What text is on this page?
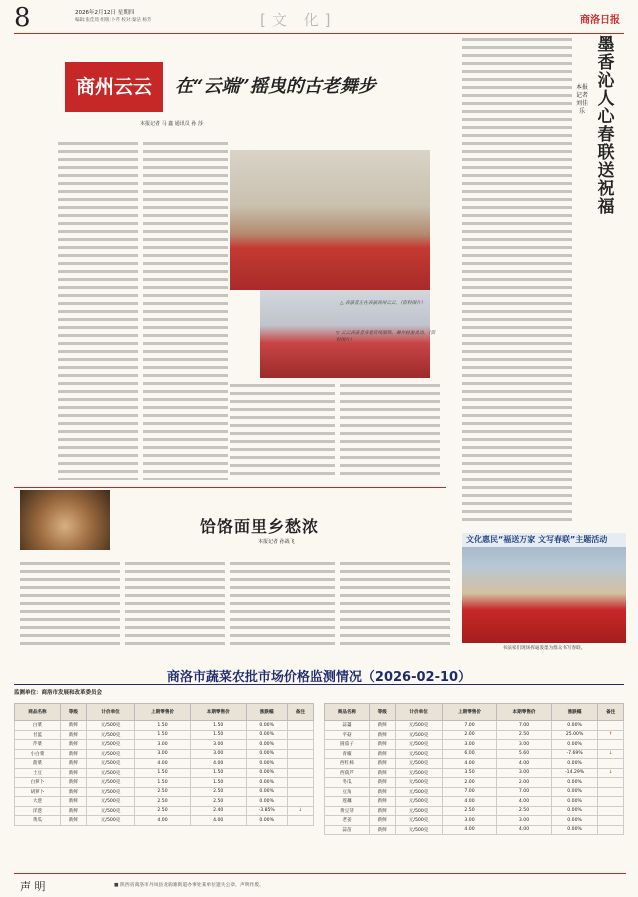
8	2026年2月12日 星期四
编辑:张佳琦 组版:卜芹 校对:秦洁 杨芳	[文 化]	商洛日报
商州云云	在“云端”摇曳的古老舞步
本报记者 马 鑫 通讯员 孙 莎
△ 表演者正在表演商州云云。（资料图片）
▽ 云云表演者身着传统服饰，舞步轻盈灵动。（资料图片）
墨香沁人心 春联送祝福
本报记者 刘佳乐
文化惠民“福送万家 文写春联”主题活动
书法家们现场挥毫泼墨为群众书写春联。
饸饹面里乡愁浓
本报记者 孙战飞
商洛市蔬菜农批市场价格监测情况（2026-02-10）
监测单位：商洛市发展和改革委员会
商品名称	等级	计价单位	上期零售价	本期零售价	涨跌幅	备注
白菜	新鲜	元/500克	1.50	1.50	0.00%	
甘蓝	新鲜	元/500克	1.50	1.50	0.00%	
芹菜	新鲜	元/500克	3.00	3.00	0.00%	
小白菜	新鲜	元/500克	3.00	3.00	0.00%	
菠菜	新鲜	元/500克	4.00	4.00	0.00%	
土豆	新鲜	元/500克	1.50	1.50	0.00%	
白萝卜	新鲜	元/500克	1.50	1.50	0.00%	
胡萝卜	新鲜	元/500克	2.50	2.50	0.00%	
大葱	新鲜	元/500克	2.50	2.50	0.00%	
洋葱	新鲜	元/500克	2.50	2.40	-3.85%	↓
黄瓜	新鲜	元/500克	4.00	4.00	0.00%	
商品名称	等级	计价单位	上期零售价	本期零售价	涨跌幅	备注
蒜薹	新鲜	元/500克	7.00	7.00	0.00%	
平菇	新鲜	元/500克	2.00	2.50	25.00%	↑
圆茄子	新鲜	元/500克	3.00	3.00	0.00%	
青椒	新鲜	元/500克	6.00	5.60	-7.69%	↓
西红柿	新鲜	元/500克	4.00	4.00	0.00%	
西葫芦	新鲜	元/500克	3.50	3.00	-14.29%	↓
冬瓜	新鲜	元/500克	2.00	2.00	0.00%	
豆角	新鲜	元/500克	7.00	7.00	0.00%	
莲藕	新鲜	元/500克	4.00	4.00	0.00%	
黄豆芽	新鲜	元/500克	2.50	2.50	0.00%	
老姜	新鲜	元/500克	3.00	3.00	0.00%	
蒜苗	新鲜	元/500克	4.00	4.00	0.00%	
声 明	■ 陕西省商洛市丹凤县龙驹寨街道办事处某单位遗失公章，声明作废。
